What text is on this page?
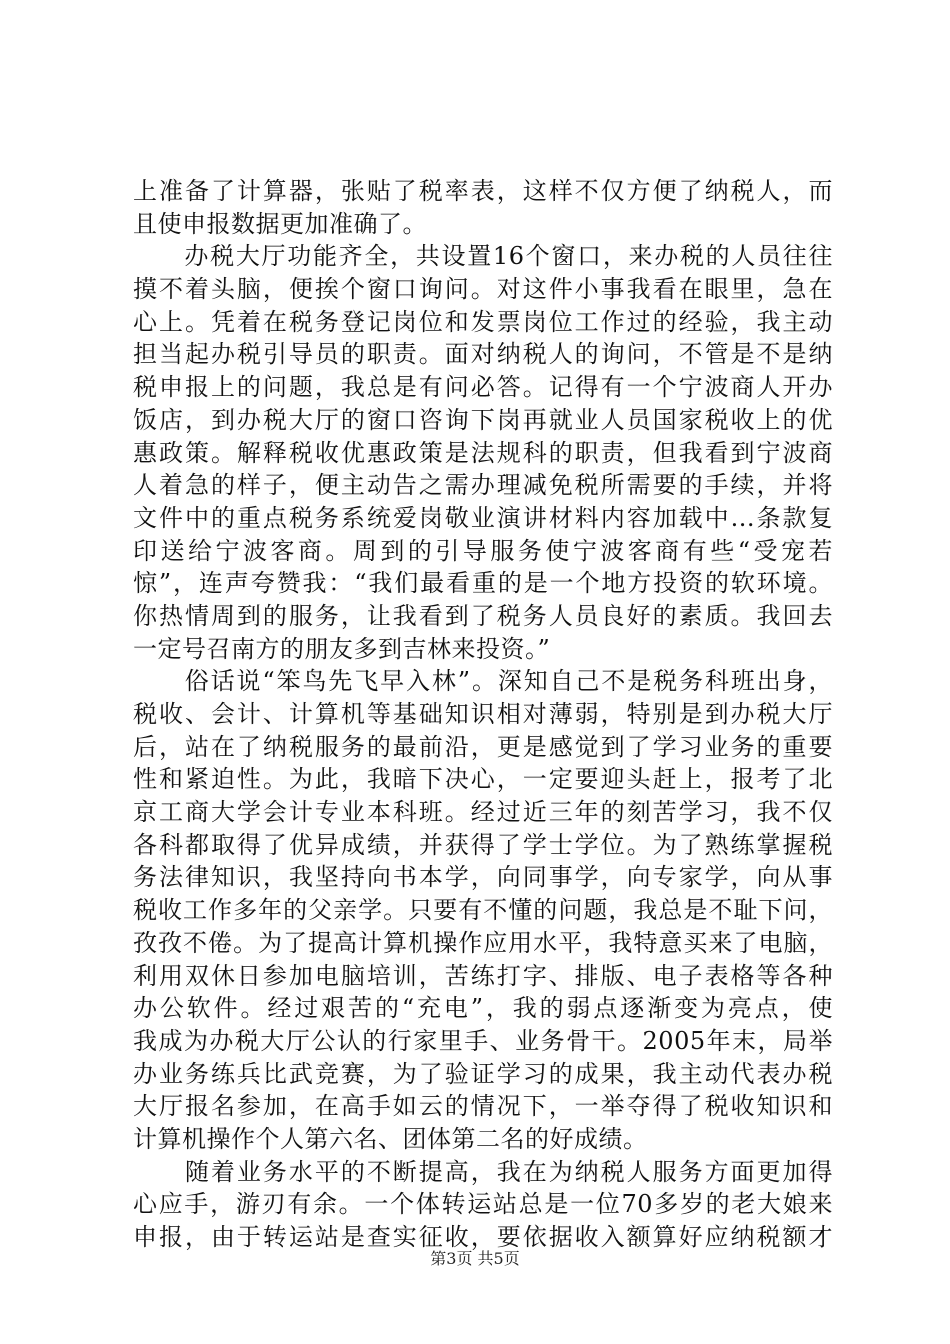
上准备了计算器，张贴了税率表，这样不仅方便了纳税人，而
且使申报数据更加准确了。
　　办税大厅功能齐全，共设置16个窗口，来办税的人员往往
摸不着头脑，便挨个窗口询问。对这件小事我看在眼里，急在
心上。凭着在税务登记岗位和发票岗位工作过的经验，我主动
担当起办税引导员的职责。面对纳税人的询问，不管是不是纳
税申报上的问题，我总是有问必答。记得有一个宁波商人开办
饭店，到办税大厅的窗口咨询下岗再就业人员国家税收上的优
惠政策。解释税收优惠政策是法规科的职责，但我看到宁波商
人着急的样子，便主动告之需办理减免税所需要的手续，并将
文件中的重点税务系统爱岗敬业演讲材料内容加载中...条款复
印送给宁波客商。周到的引导服务使宁波客商有些“受宠若
惊”，连声夸赞我：“我们最看重的是一个地方投资的软环境。
你热情周到的服务，让我看到了税务人员良好的素质。我回去
一定号召南方的朋友多到吉林来投资。”
　　俗话说“笨鸟先飞早入林”。深知自己不是税务科班出身，
税收、会计、计算机等基础知识相对薄弱，特别是到办税大厅
后，站在了纳税服务的最前沿，更是感觉到了学习业务的重要
性和紧迫性。为此，我暗下决心，一定要迎头赶上，报考了北
京工商大学会计专业本科班。经过近三年的刻苦学习，我不仅
各科都取得了优异成绩，并获得了学士学位。为了熟练掌握税
务法律知识，我坚持向书本学，向同事学，向专家学，向从事
税收工作多年的父亲学。只要有不懂的问题，我总是不耻下问，
孜孜不倦。为了提高计算机操作应用水平，我特意买来了电脑，
利用双休日参加电脑培训，苦练打字、排版、电子表格等各种
办公软件。经过艰苦的“充电”，我的弱点逐渐变为亮点，使
我成为办税大厅公认的行家里手、业务骨干。2005年末，局举
办业务练兵比武竞赛，为了验证学习的成果，我主动代表办税
大厅报名参加，在高手如云的情况下，一举夺得了税收知识和
计算机操作个人第六名、团体第二名的好成绩。
　　随着业务水平的不断提高，我在为纳税人服务方面更加得
心应手，游刃有余。一个体转运站总是一位70多岁的老大娘来
申报，由于转运站是查实征收，要依据收入额算好应纳税额才
第3页 共5页
